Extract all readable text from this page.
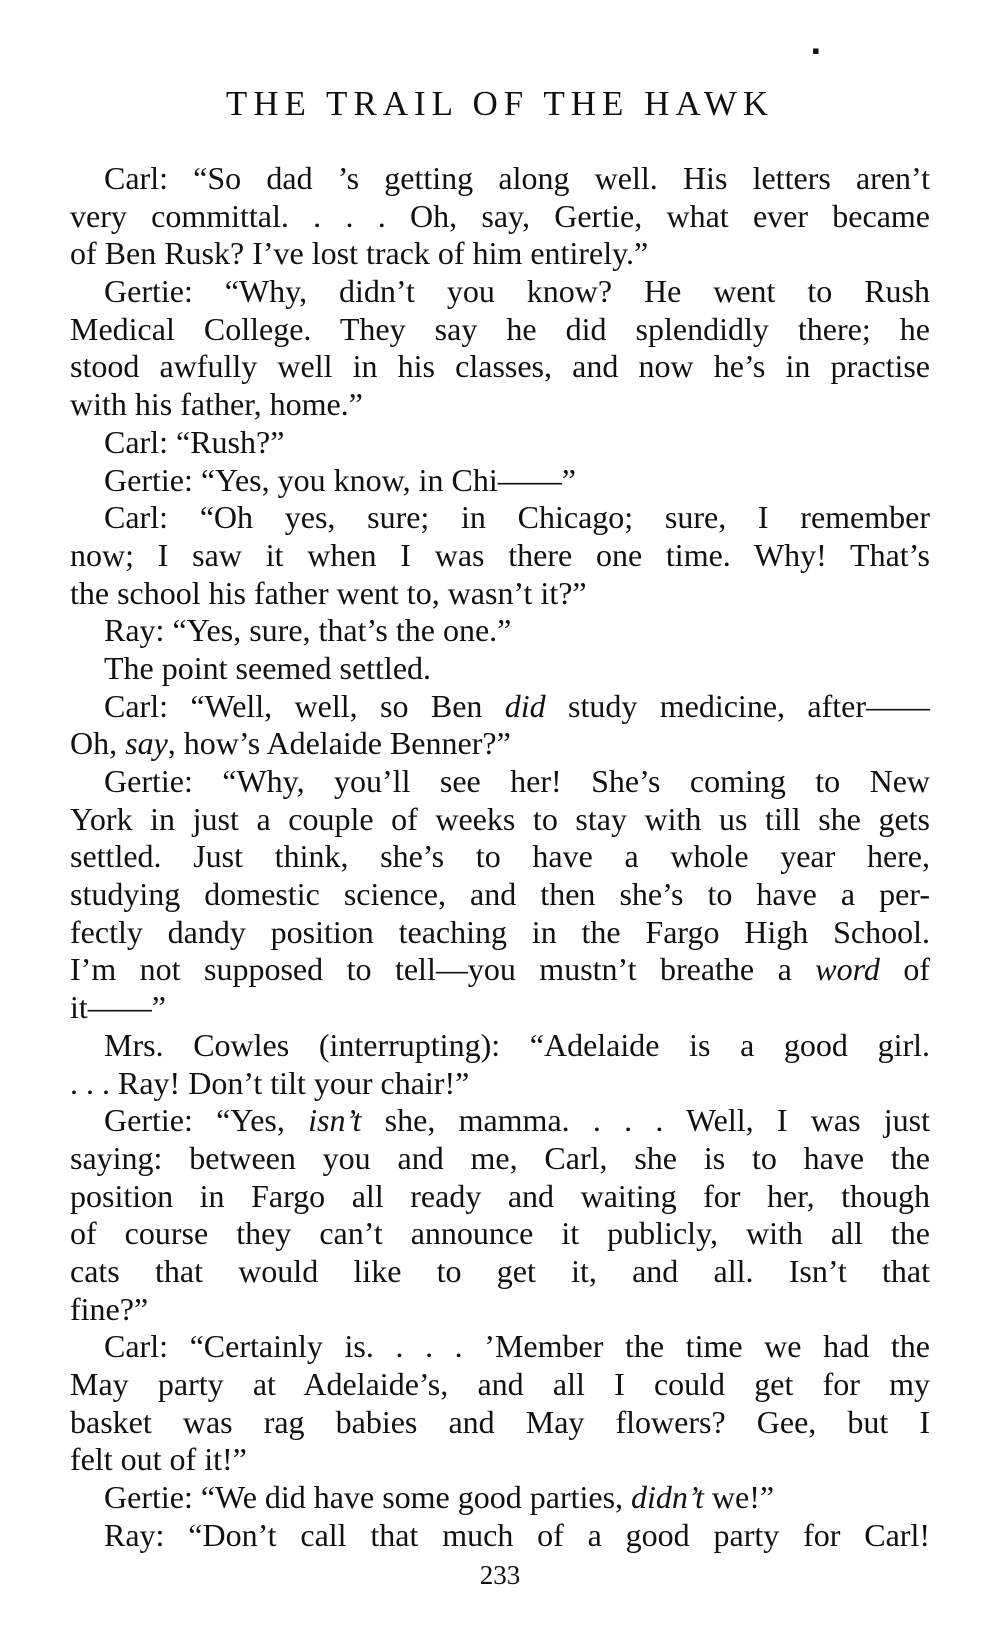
▪
THE TRAIL OF THE HAWK
Carl: “So dad ’s getting along well. His letters aren’t
very committal. . . . Oh, say, Gertie, what ever became
of Ben Rusk? I’ve lost track of him entirely.”
Gertie: “Why, didn’t you know? He went to Rush
Medical College. They say he did splendidly there; he
stood awfully well in his classes, and now he’s in practise
with his father, home.”
Carl: “Rush?”
Gertie: “Yes, you know, in Chi——”
Carl: “Oh yes, sure; in Chicago; sure, I remember
now; I saw it when I was there one time. Why! That’s
the school his father went to, wasn’t it?”
Ray: “Yes, sure, that’s the one.”
The point seemed settled.
Carl: “Well, well, so Ben did study medicine, after——
Oh, say, how’s Adelaide Benner?”
Gertie: “Why, you’ll see her! She’s coming to New
York in just a couple of weeks to stay with us till she gets
settled. Just think, she’s to have a whole year here,
studying domestic science, and then she’s to have a per-
fectly dandy position teaching in the Fargo High School.
I’m not supposed to tell—you mustn’t breathe a word of
it——”
Mrs. Cowles (interrupting): “Adelaide is a good girl.
. . . Ray! Don’t tilt your chair!”
Gertie: “Yes, isn’t she, mamma. . . . Well, I was just
saying: between you and me, Carl, she is to have the
position in Fargo all ready and waiting for her, though
of course they can’t announce it publicly, with all the
cats that would like to get it, and all. Isn’t that
fine?”
Carl: “Certainly is. . . . ’Member the time we had the
May party at Adelaide’s, and all I could get for my
basket was rag babies and May flowers? Gee, but I
felt out of it!”
Gertie: “We did have some good parties, didn’t we!”
Ray: “Don’t call that much of a good party for Carl!
233
